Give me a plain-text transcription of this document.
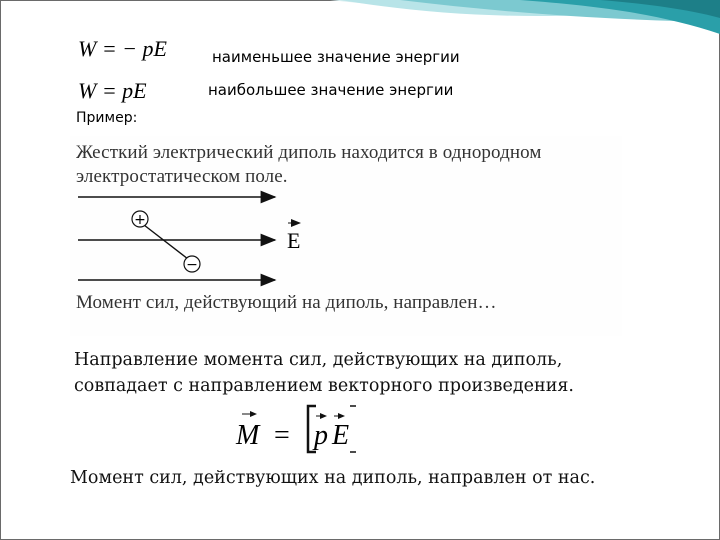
W = − pE	наименьшее значение энергии
W = pE	наибольшее значение энергии
Пример:
Жесткий электрический диполь находится в однородном
электростатическом поле.
+
−
E
Момент сил, действующий на диполь, направлен…
Направление момента сил, действующих на диполь,
совпадает с направлением векторного произведения.
M = p E
Момент сил, действующих на диполь, направлен от нас.
